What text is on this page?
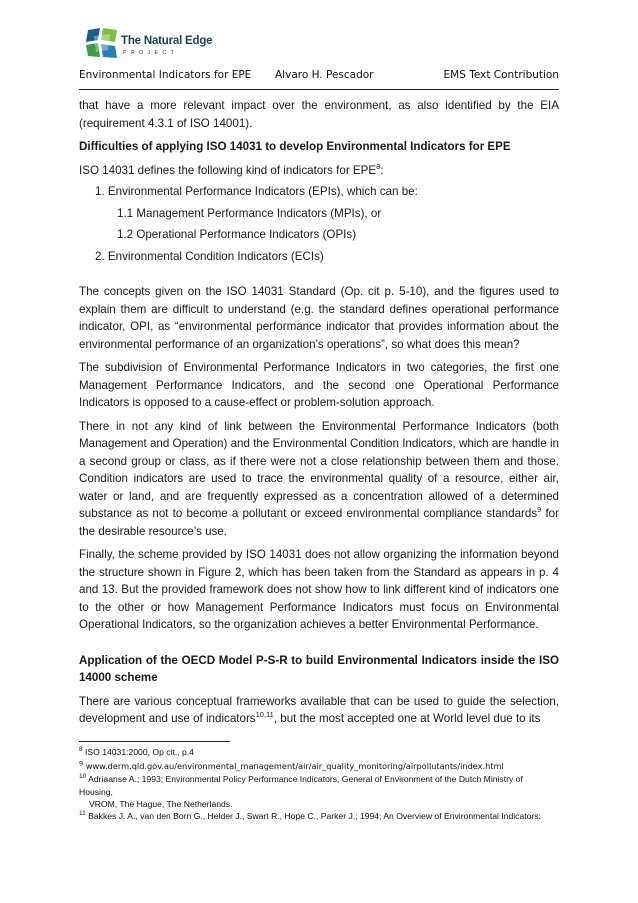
The Natural Edge
PROJECT
Environmental Indicators for EPE Alvaro H. Pescador	EMS Text Contribution

that have a more relevant impact over the environment, as also identified by the EIA (requirement 4.3.1 of ISO 14001).

Difficulties of applying ISO 14031 to develop Environmental Indicators for EPE

ISO 14031 defines the following kind of indicators for EPE$^8$:

1. Environmental Performance Indicators (EPIs), which can be:
1.1 Management Performance Indicators (MPIs), or
1.2 Operational Performance Indicators (OPIs)
2. Environmental Condition Indicators (ECIs)

The concepts given on the ISO 14031 Standard (Op. cit p. 5-10), and the figures used to explain them are difficult to understand (e.g. the standard defines operational performance indicator, OPI, as “environmental performance indicator that provides information about the environmental performance of an organization’s operations”, so what does this mean?

The subdivision of Environmental Performance Indicators in two categories, the first one Management Performance Indicators, and the second one Operational Performance Indicators is opposed to a cause-effect or problem-solution approach.

There in not any kind of link between the Environmental Performance Indicators (both Management and Operation) and the Environmental Condition Indicators, which are handle in a second group or class, as if there were not a close relationship between them and those. Condition indicators are used to trace the environmental quality of a resource, either air, water or land, and are frequently expressed as a concentration allowed of a determined substance as not to become a pollutant or exceed environmental compliance standards$^9$ for the desirable resource’s use.

Finally, the scheme provided by ISO 14031 does not allow organizing the information beyond the structure shown in Figure 2, which has been taken from the Standard as appears in p. 4 and 13. But the provided framework does not show how to link different kind of indicators one to the other or how Management Performance Indicators must focus on Environmental Operational Indicators, so the organization achieves a better Environmental Performance.

Application of the OECD Model P-S-R to build Environmental Indicators inside the ISO 14000 scheme

There are various conceptual frameworks available that can be used to guide the selection, development and use of indicators$^{10,11}$, but the most accepted one at World level due to its

$^8$ ISO 14031:2000, Op cit., p.4
$^9$ www.derm.qld.gov.au/environmental_management/air/air_quality_monitoring/airpollutants/index.html
$^{10}$ Adriaanse A.; 1993; Environmental Policy Performance Indicators, General of Environment of the Dutch Ministry of Housing,
VROM, The Hague, The Netherlands.
$^{11}$ Bakkes J. A., van den Born G., Helder J., Swart R., Hope C., Parker J.; 1994; An Overview of Environmental Indicators:
